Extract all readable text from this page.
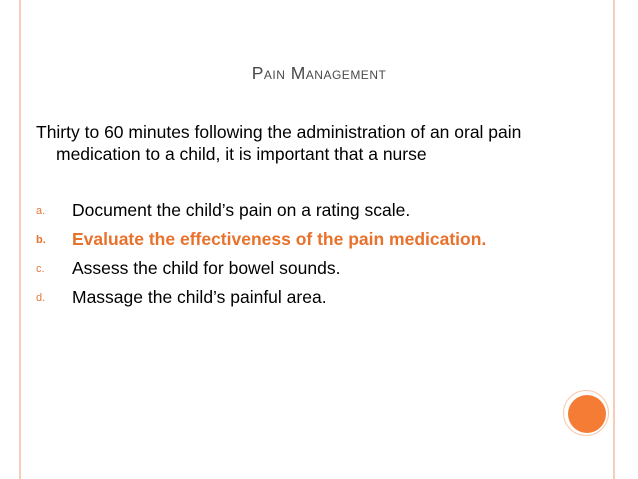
Pain Management
Thirty to 60 minutes following the administration of an oral pain medication to a child, it is important that a nurse
a. Document the child’s pain on a rating scale.
b. Evaluate the effectiveness of the pain medication.
c. Assess the child for bowel sounds.
d. Massage the child’s painful area.
